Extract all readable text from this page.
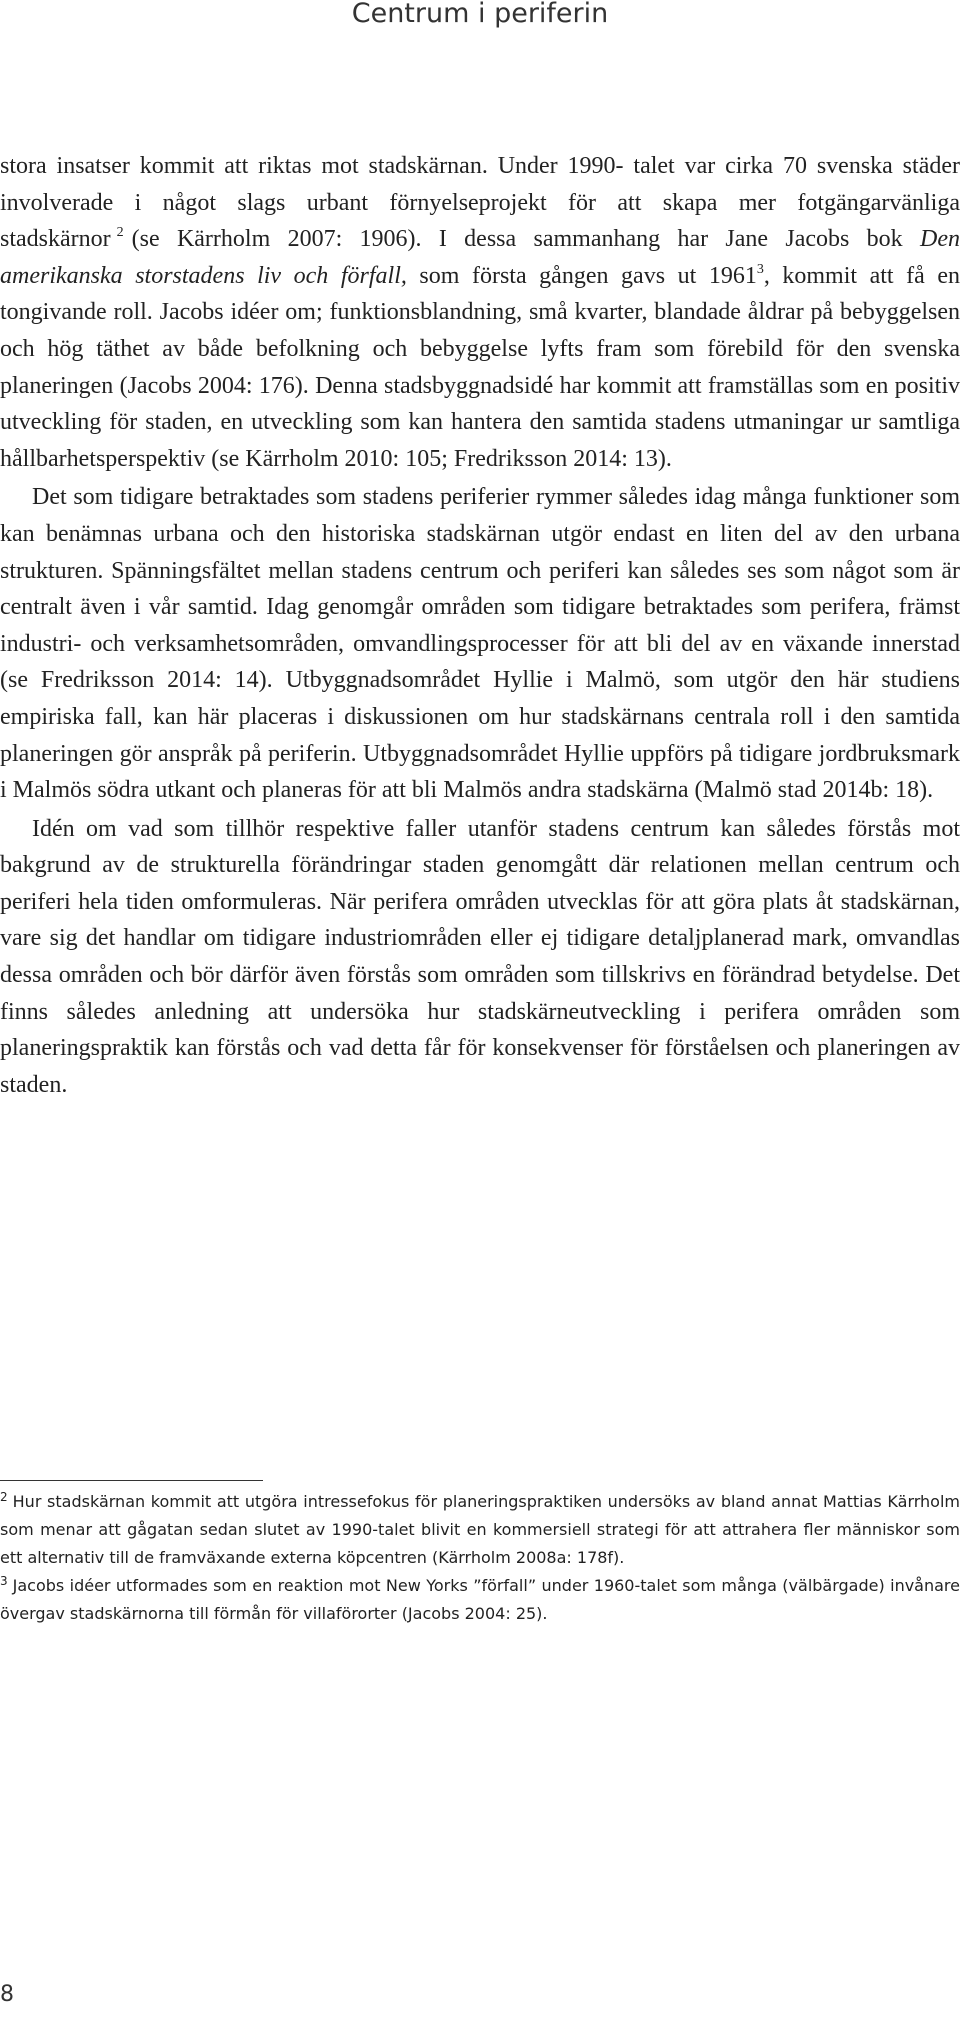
Centrum i periferin

stora insatser kommit att riktas mot stadskärnan. Under 1990- talet var cirka 70 svenska städer involverade i något slags urbant förnyelseprojekt för att skapa mer fotgängarvänliga stadskärnor $^2$ (se Kärrholm 2007: 1906). I dessa sammanhang har Jane Jacobs bok Den amerikanska storstadens liv och förfall, som första gången gavs ut 1961$^3$, kommit att få en tongivande roll. Jacobs idéer om; funktionsblandning, små kvarter, blandade åldrar på bebyggelsen och hög täthet av både befolkning och bebyggelse lyfts fram som förebild för den svenska planeringen (Jacobs 2004: 176). Denna stadsbyggnadsidé har kommit att framställas som en positiv utveckling för staden, en utveckling som kan hantera den samtida stadens utmaningar ur samtliga hållbarhetsperspektiv (se Kärrholm 2010: 105; Fredriksson 2014: 13).

Det som tidigare betraktades som stadens periferier rymmer således idag många funktioner som kan benämnas urbana och den historiska stadskärnan utgör endast en liten del av den urbana strukturen. Spänningsfältet mellan stadens centrum och periferi kan således ses som något som är centralt även i vår samtid. Idag genomgår områden som tidigare betraktades som perifera, främst industri- och verksamhetsområden, omvandlingsprocesser för att bli del av en växande innerstad (se Fredriksson 2014: 14). Utbyggnadsområdet Hyllie i Malmö, som utgör den här studiens empiriska fall, kan här placeras i diskussionen om hur stadskärnans centrala roll i den samtida planeringen gör anspråk på periferin. Utbyggnadsområdet Hyllie uppförs på tidigare jordbruksmark i Malmös södra utkant och planeras för att bli Malmös andra stadskärna (Malmö stad 2014b: 18).

Idén om vad som tillhör respektive faller utanför stadens centrum kan således förstås mot bakgrund av de strukturella förändringar staden genomgått där relationen mellan centrum och periferi hela tiden omformuleras. När perifera områden utvecklas för att göra plats åt stadskärnan, vare sig det handlar om tidigare industriområden eller ej tidigare detaljplanerad mark, omvandlas dessa områden och bör därför även förstås som områden som tillskrivs en förändrad betydelse. Det finns således anledning att undersöka hur stadskärneutveckling i perifera områden som planeringspraktik kan förstås och vad detta får för konsekvenser för förståelsen och planeringen av staden.

$^2$ Hur stadskärnan kommit att utgöra intressefokus för planeringspraktiken undersöks av bland annat Mattias Kärrholm som menar att gågatan sedan slutet av 1990-talet blivit en kommersiell strategi för att attrahera fler människor som ett alternativ till de framväxande externa köpcentren (Kärrholm 2008a: 178f).

$^3$ Jacobs idéer utformades som en reaktion mot New Yorks ”förfall” under 1960-talet som många (välbärgade) invånare övergav stadskärnorna till förmån för villaförorter (Jacobs 2004: 25).

8
